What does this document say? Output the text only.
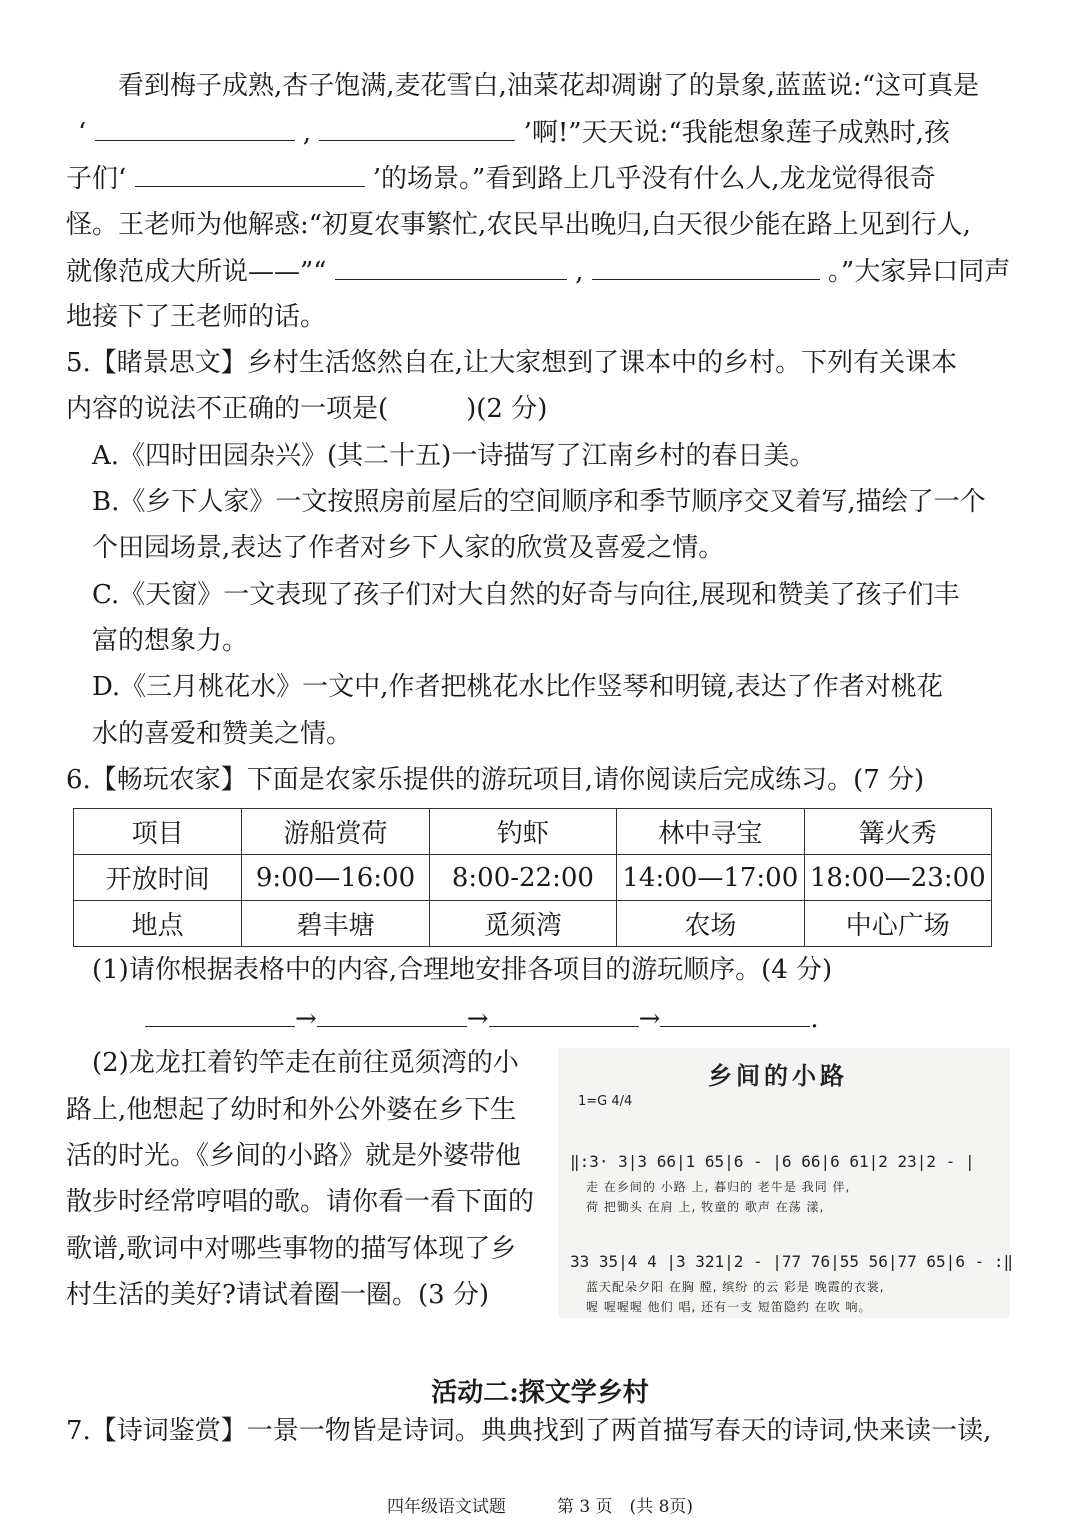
看到梅子成熟,杏子饱满,麦花雪白,油菜花却凋谢了的景象,蓝蓝说:“这可真是
‘	,	’啊!”天天说:“我能想象莲子成熟时,孩
子们‘	’的场景。”看到路上几乎没有什么人,龙龙觉得很奇
怪。王老师为他解惑:“初夏农事繁忙,农民早出晚归,白天很少能在路上见到行人,
就像范成大所说——”“	,	。”大家异口同声
地接下了王老师的话。
5.【睹景思文】乡村生活悠然自在,让大家想到了课本中的乡村。下列有关课本
内容的说法不正确的一项是(　　　)(2 分)
A.《四时田园杂兴》(其二十五)一诗描写了江南乡村的春日美。
B.《乡下人家》一文按照房前屋后的空间顺序和季节顺序交叉着写,描绘了一个
个田园场景,表达了作者对乡下人家的欣赏及喜爱之情。
C.《天窗》一文表现了孩子们对大自然的好奇与向往,展现和赞美了孩子们丰
富的想象力。
D.《三月桃花水》一文中,作者把桃花水比作竖琴和明镜,表达了作者对桃花
水的喜爱和赞美之情。
6.【畅玩农家】下面是农家乐提供的游玩项目,请你阅读后完成练习。(7 分)
项目	游船赏荷	钓虾	林中寻宝	篝火秀
开放时间	9:00—16:00	8:00-22:00	14:00—17:00	18:00—23:00
地点	碧丰塘	觅须湾	农场	中心广场
(1)请你根据表格中的内容,合理地安排各项目的游玩顺序。(4 分)
→	→	→	.
(2)龙龙扛着钓竿走在前往觅须湾的小
路上,他想起了幼时和外公外婆在乡下生
活的时光。《乡间的小路》就是外婆带他
散步时经常哼唱的歌。请你看一看下面的
歌谱,歌词中对哪些事物的描写体现了乡
村生活的美好?请试着圈一圈。(3 分)
乡间的小路
1=G 4/4
‖:3· 3|3 66|1 65|6 - |6 66|6 61|2 23|2 - |
走 在乡间的 小路 上, 暮归的 老牛是 我同 伴,
荷 把锄头 在肩 上, 牧童的 歌声 在荡 漾,
33 35|4 4 |3 321|2 - |77 76|55 56|77 65|6 - :‖
蓝天配朵夕阳 在胸 膛, 缤纷 的云 彩是 晚霞的衣裳,
喔 喔喔喔 他们 唱, 还有一支 短笛隐约 在吹 响。
活动二:探文学乡村
7.【诗词鉴赏】一景一物皆是诗词。典典找到了两首描写春天的诗词,快来读一读,
四年级语文试题　　　第 3 页　(共 8页)
